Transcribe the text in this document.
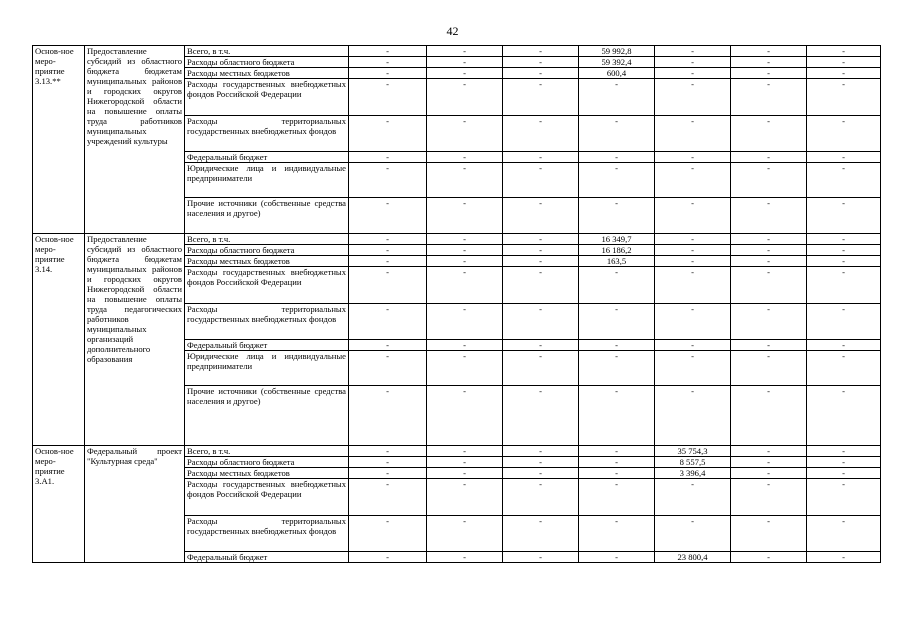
42
Основ-ное меро-приятие 3.13.**	Предоставление субсидий из областного бюджета бюджетам муниципальных районов и городских округов Нижегородской области на повышение оплаты труда работников муниципальных учреждений культуры	Всего, в т.ч.	-	-	-	59 992,8	-	-	-
		Расходы областного бюджета	-	-	-	59 392,4	-	-	-
		Расходы местных бюджетов	-	-	-	600,4	-	-	-
		Расходы государственных внебюджетных фондов Российской Федерации	-	-	-	-	-	-	-
		Расходы территориальных государственных внебюджетных фондов	-	-	-	-	-	-	-
		Федеральный бюджет	-	-	-	-	-	-	-
		Юридические лица и индивидуальные предприниматели	-	-	-	-	-	-	-
		Прочие источники (собственные средства населения и другое)	-	-	-	-	-	-	-
Основ-ное меро-приятие 3.14.	Предоставление субсидий из областного бюджета бюджетам муниципальных районов и городских округов Нижегородской области на повышение оплаты труда педагогических работников муниципальных организаций дополнительного образования	Всего, в т.ч.	-	-	-	16 349,7	-	-	-
		Расходы областного бюджета	-	-	-	16 186,2	-	-	-
		Расходы местных бюджетов	-	-	-	163,5	-	-	-
		Расходы государственных внебюджетных фондов Российской Федерации	-	-	-	-	-	-	-
		Расходы территориальных государственных внебюджетных фондов	-	-	-	-	-	-	-
		Федеральный бюджет	-	-	-	-	-	-	-
		Юридические лица и индивидуальные предприниматели	-	-	-	-	-	-	-
		Прочие источники (собственные средства населения и другое)	-	-	-	-	-	-	-
Основ-ное меро-приятие 3.А1.	Федеральный проект "Культурная среда"	Всего, в т.ч.	-	-	-	-	35 754,3	-	-
		Расходы областного бюджета	-	-	-	-	8 557,5	-	-
		Расходы местных бюджетов	-	-	-	-	3 396,4	-	-
		Расходы государственных внебюджетных фондов Российской Федерации	-	-	-	-	-	-	-
		Расходы территориальных государственных внебюджетных фондов	-	-	-	-	-	-	-
		Федеральный бюджет	-	-	-	-	23 800,4	-	-
